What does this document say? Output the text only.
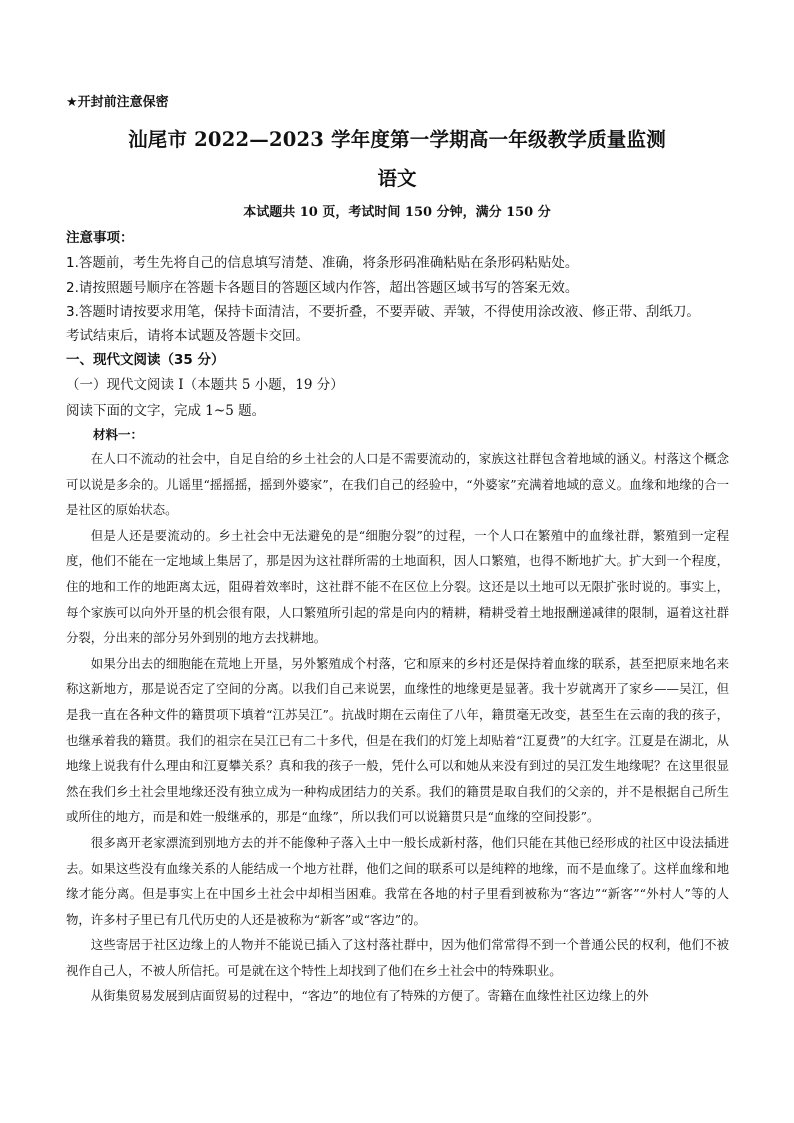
★开封前注意保密
汕尾市 2022—2023 学年度第一学期高一年级教学质量监测
语文
本试题共 10 页，考试时间 150 分钟，满分 150 分
注意事项：
1.答题前，考生先将自己的信息填写清楚、准确，将条形码准确粘贴在条形码粘贴处。
2.请按照题号顺序在答题卡各题目的答题区域内作答，超出答题区域书写的答案无效。
3.答题时请按要求用笔，保持卡面清洁，不要折叠，不要弄破、弄皱，不得使用涂改液、修正带、刮纸刀。
考试结束后，请将本试题及答题卡交回。
一、现代文阅读（35 分）
（一）现代文阅读 I（本题共 5 小题，19 分）
阅读下面的文字，完成 1~5 题。
材料一：

在人口不流动的社会中，自足自给的乡土社会的人口是不需要流动的，家族这社群包含着地域的涵义。村落这个概念可以说是多余的。儿谣里“摇摇摇，摇到外婆家”，在我们自己的经验中，“外婆家”充满着地域的意义。血缘和地缘的合一是社区的原始状态。

但是人还是要流动的。乡土社会中无法避免的是“细胞分裂”的过程，一个人口在繁殖中的血缘社群，繁殖到一定程度，他们不能在一定地域上集居了，那是因为这社群所需的土地面积，因人口繁殖，也得不断地扩大。扩大到一个程度，住的地和工作的地距离太远，阻碍着效率时，这社群不能不在区位上分裂。这还是以土地可以无限扩张时说的。事实上，每个家族可以向外开垦的机会很有限，人口繁殖所引起的常是向内的精耕，精耕受着土地报酬递减律的限制，逼着这社群分裂，分出来的部分另外到别的地方去找耕地。

如果分出去的细胞能在荒地上开垦，另外繁殖成个村落，它和原来的乡村还是保持着血缘的联系，甚至把原来地名来称这新地方，那是说否定了空间的分离。以我们自己来说罢，血缘性的地缘更是显著。我十岁就离开了家乡——吴江，但是我一直在各种文件的籍贯项下填着“江苏吴江”。抗战时期在云南住了八年，籍贯毫无改变，甚至生在云南的我的孩子，也继承着我的籍贯。我们的祖宗在吴江已有二十多代，但是在我们的灯笼上却贴着“江夏费”的大红字。江夏是在湖北，从地缘上说我有什么理由和江夏攀关系？真和我的孩子一般，凭什么可以和她从来没有到过的吴江发生地缘呢？在这里很显然在我们乡土社会里地缘还没有独立成为一种构成团结力的关系。我们的籍贯是取自我们的父亲的，并不是根据自己所生或所住的地方，而是和姓一般继承的，那是“血缘”，所以我们可以说籍贯只是“血缘的空间投影”。

很多离开老家漂流到别地方去的并不能像种子落入土中一般长成新村落，他们只能在其他已经形成的社区中设法插进去。如果这些没有血缘关系的人能结成一个地方社群，他们之间的联系可以是纯粹的地缘，而不是血缘了。这样血缘和地缘才能分离。但是事实上在中国乡土社会中却相当困难。我常在各地的村子里看到被称为“客边”“新客”“外村人”等的人物，许多村子里已有几代历史的人还是被称为“新客”或“客边”的。

这些寄居于社区边缘上的人物并不能说已插入了这村落社群中，因为他们常常得不到一个普通公民的权利，他们不被视作自己人，不被人所信托。可是就在这个特性上却找到了他们在乡土社会中的特殊职业。

从街集贸易发展到店面贸易的过程中，“客边”的地位有了特殊的方便了。寄籍在血缘性社区边缘上的外
